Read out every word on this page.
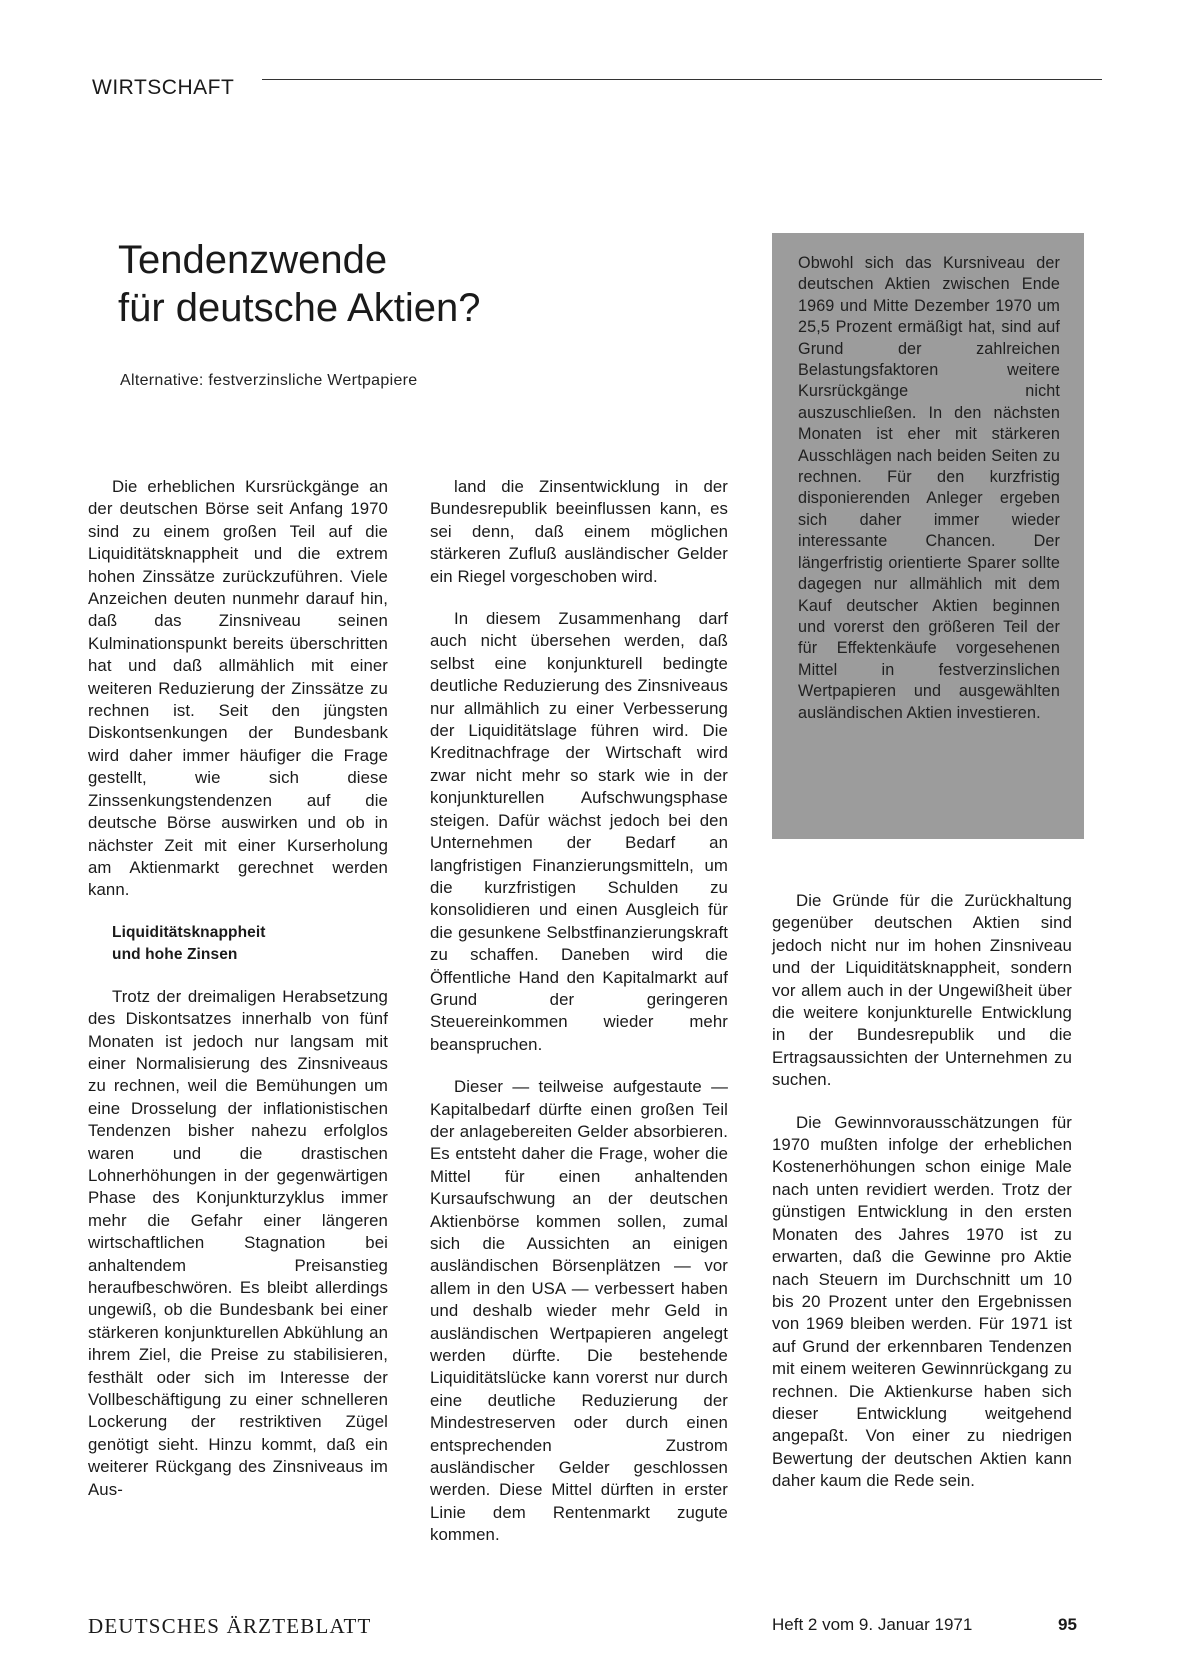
WIRTSCHAFT
Tendenzwende
für deutsche Aktien?
Alternative: festverzinsliche Wertpapiere

Obwohl sich das Kursniveau der deutschen Aktien zwischen Ende 1969 und Mitte Dezember 1970 um 25,5 Prozent ermäßigt hat, sind auf Grund der zahlreichen Belastungsfaktoren weitere Kursrückgänge nicht auszuschließen. In den nächsten Monaten ist eher mit stärkeren Ausschlägen nach beiden Seiten zu rechnen. Für den kurzfristig disponierenden Anleger ergeben sich daher immer wieder interessante Chancen. Der längerfristig orientierte Sparer sollte dagegen nur allmählich mit dem Kauf deutscher Aktien beginnen und vorerst den größeren Teil der für Effektenkäufe vorgesehenen Mittel in festverzinslichen Wertpapieren und ausgewählten ausländischen Aktien investieren.

Die erheblichen Kursrückgänge an der deutschen Börse seit Anfang 1970 sind zu einem großen Teil auf die Liquiditätsknappheit und die extrem hohen Zinssätze zurückzuführen. Viele Anzeichen deuten nunmehr darauf hin, daß das Zinsniveau seinen Kulminationspunkt bereits überschritten hat und daß allmählich mit einer weiteren Reduzierung der Zinssätze zu rechnen ist. Seit den jüngsten Diskontsenkungen der Bundesbank wird daher immer häufiger die Frage gestellt, wie sich diese Zinssenkungstendenzen auf die deutsche Börse auswirken und ob in nächster Zeit mit einer Kurserholung am Aktienmarkt gerechnet werden kann.

Liquiditätsknappheit
und hohe Zinsen

Trotz der dreimaligen Herabsetzung des Diskontsatzes innerhalb von fünf Monaten ist jedoch nur langsam mit einer Normalisierung des Zinsniveaus zu rechnen, weil die Bemühungen um eine Drosselung der inflationistischen Tendenzen bisher nahezu erfolglos waren und die drastischen Lohnerhöhungen in der gegenwärtigen Phase des Konjunkturzyklus immer mehr die Gefahr einer längeren wirtschaftlichen Stagnation bei anhaltendem Preisanstieg heraufbeschwören. Es bleibt allerdings ungewiß, ob die Bundesbank bei einer stärkeren konjunkturellen Abkühlung an ihrem Ziel, die Preise zu stabilisieren, festhält oder sich im Interesse der Vollbeschäftigung zu einer schnelleren Lockerung der restriktiven Zügel genötigt sieht. Hinzu kommt, daß ein weiterer Rückgang des Zinsniveaus im Aus-

land die Zinsentwicklung in der Bundesrepublik beeinflussen kann, es sei denn, daß einem möglichen stärkeren Zufluß ausländischer Gelder ein Riegel vorgeschoben wird.

In diesem Zusammenhang darf auch nicht übersehen werden, daß selbst eine konjunkturell bedingte deutliche Reduzierung des Zinsniveaus nur allmählich zu einer Verbesserung der Liquiditätslage führen wird. Die Kreditnachfrage der Wirtschaft wird zwar nicht mehr so stark wie in der konjunkturellen Aufschwungsphase steigen. Dafür wächst jedoch bei den Unternehmen der Bedarf an langfristigen Finanzierungsmitteln, um die kurzfristigen Schulden zu konsolidieren und einen Ausgleich für die gesunkene Selbstfinanzierungskraft zu schaffen. Daneben wird die Öffentliche Hand den Kapitalmarkt auf Grund der geringeren Steuereinkommen wieder mehr beanspruchen.

Dieser — teilweise aufgestaute — Kapitalbedarf dürfte einen großen Teil der anlagebereiten Gelder absorbieren. Es entsteht daher die Frage, woher die Mittel für einen anhaltenden Kursaufschwung an der deutschen Aktienbörse kommen sollen, zumal sich die Aussichten an einigen ausländischen Börsenplätzen — vor allem in den USA — verbessert haben und deshalb wieder mehr Geld in ausländischen Wertpapieren angelegt werden dürfte. Die bestehende Liquiditätslücke kann vorerst nur durch eine deutliche Reduzierung der Mindestreserven oder durch einen entsprechenden Zustrom ausländischer Gelder geschlossen werden. Diese Mittel dürften in erster Linie dem Rentenmarkt zugute kommen.

Die Gründe für die Zurückhaltung gegenüber deutschen Aktien sind jedoch nicht nur im hohen Zinsniveau und der Liquiditätsknappheit, sondern vor allem auch in der Ungewißheit über die weitere konjunkturelle Entwicklung in der Bundesrepublik und die Ertragsaussichten der Unternehmen zu suchen.

Die Gewinnvorausschätzungen für 1970 mußten infolge der erheblichen Kostenerhöhungen schon einige Male nach unten revidiert werden. Trotz der günstigen Entwicklung in den ersten Monaten des Jahres 1970 ist zu erwarten, daß die Gewinne pro Aktie nach Steuern im Durchschnitt um 10 bis 20 Prozent unter den Ergebnissen von 1969 bleiben werden. Für 1971 ist auf Grund der erkennbaren Tendenzen mit einem weiteren Gewinnrückgang zu rechnen. Die Aktienkurse haben sich dieser Entwicklung weitgehend angepaßt. Von einer zu niedrigen Bewertung der deutschen Aktien kann daher kaum die Rede sein.

DEUTSCHES ÄRZTEBLATT	Heft 2 vom 9. Januar 1971	95
